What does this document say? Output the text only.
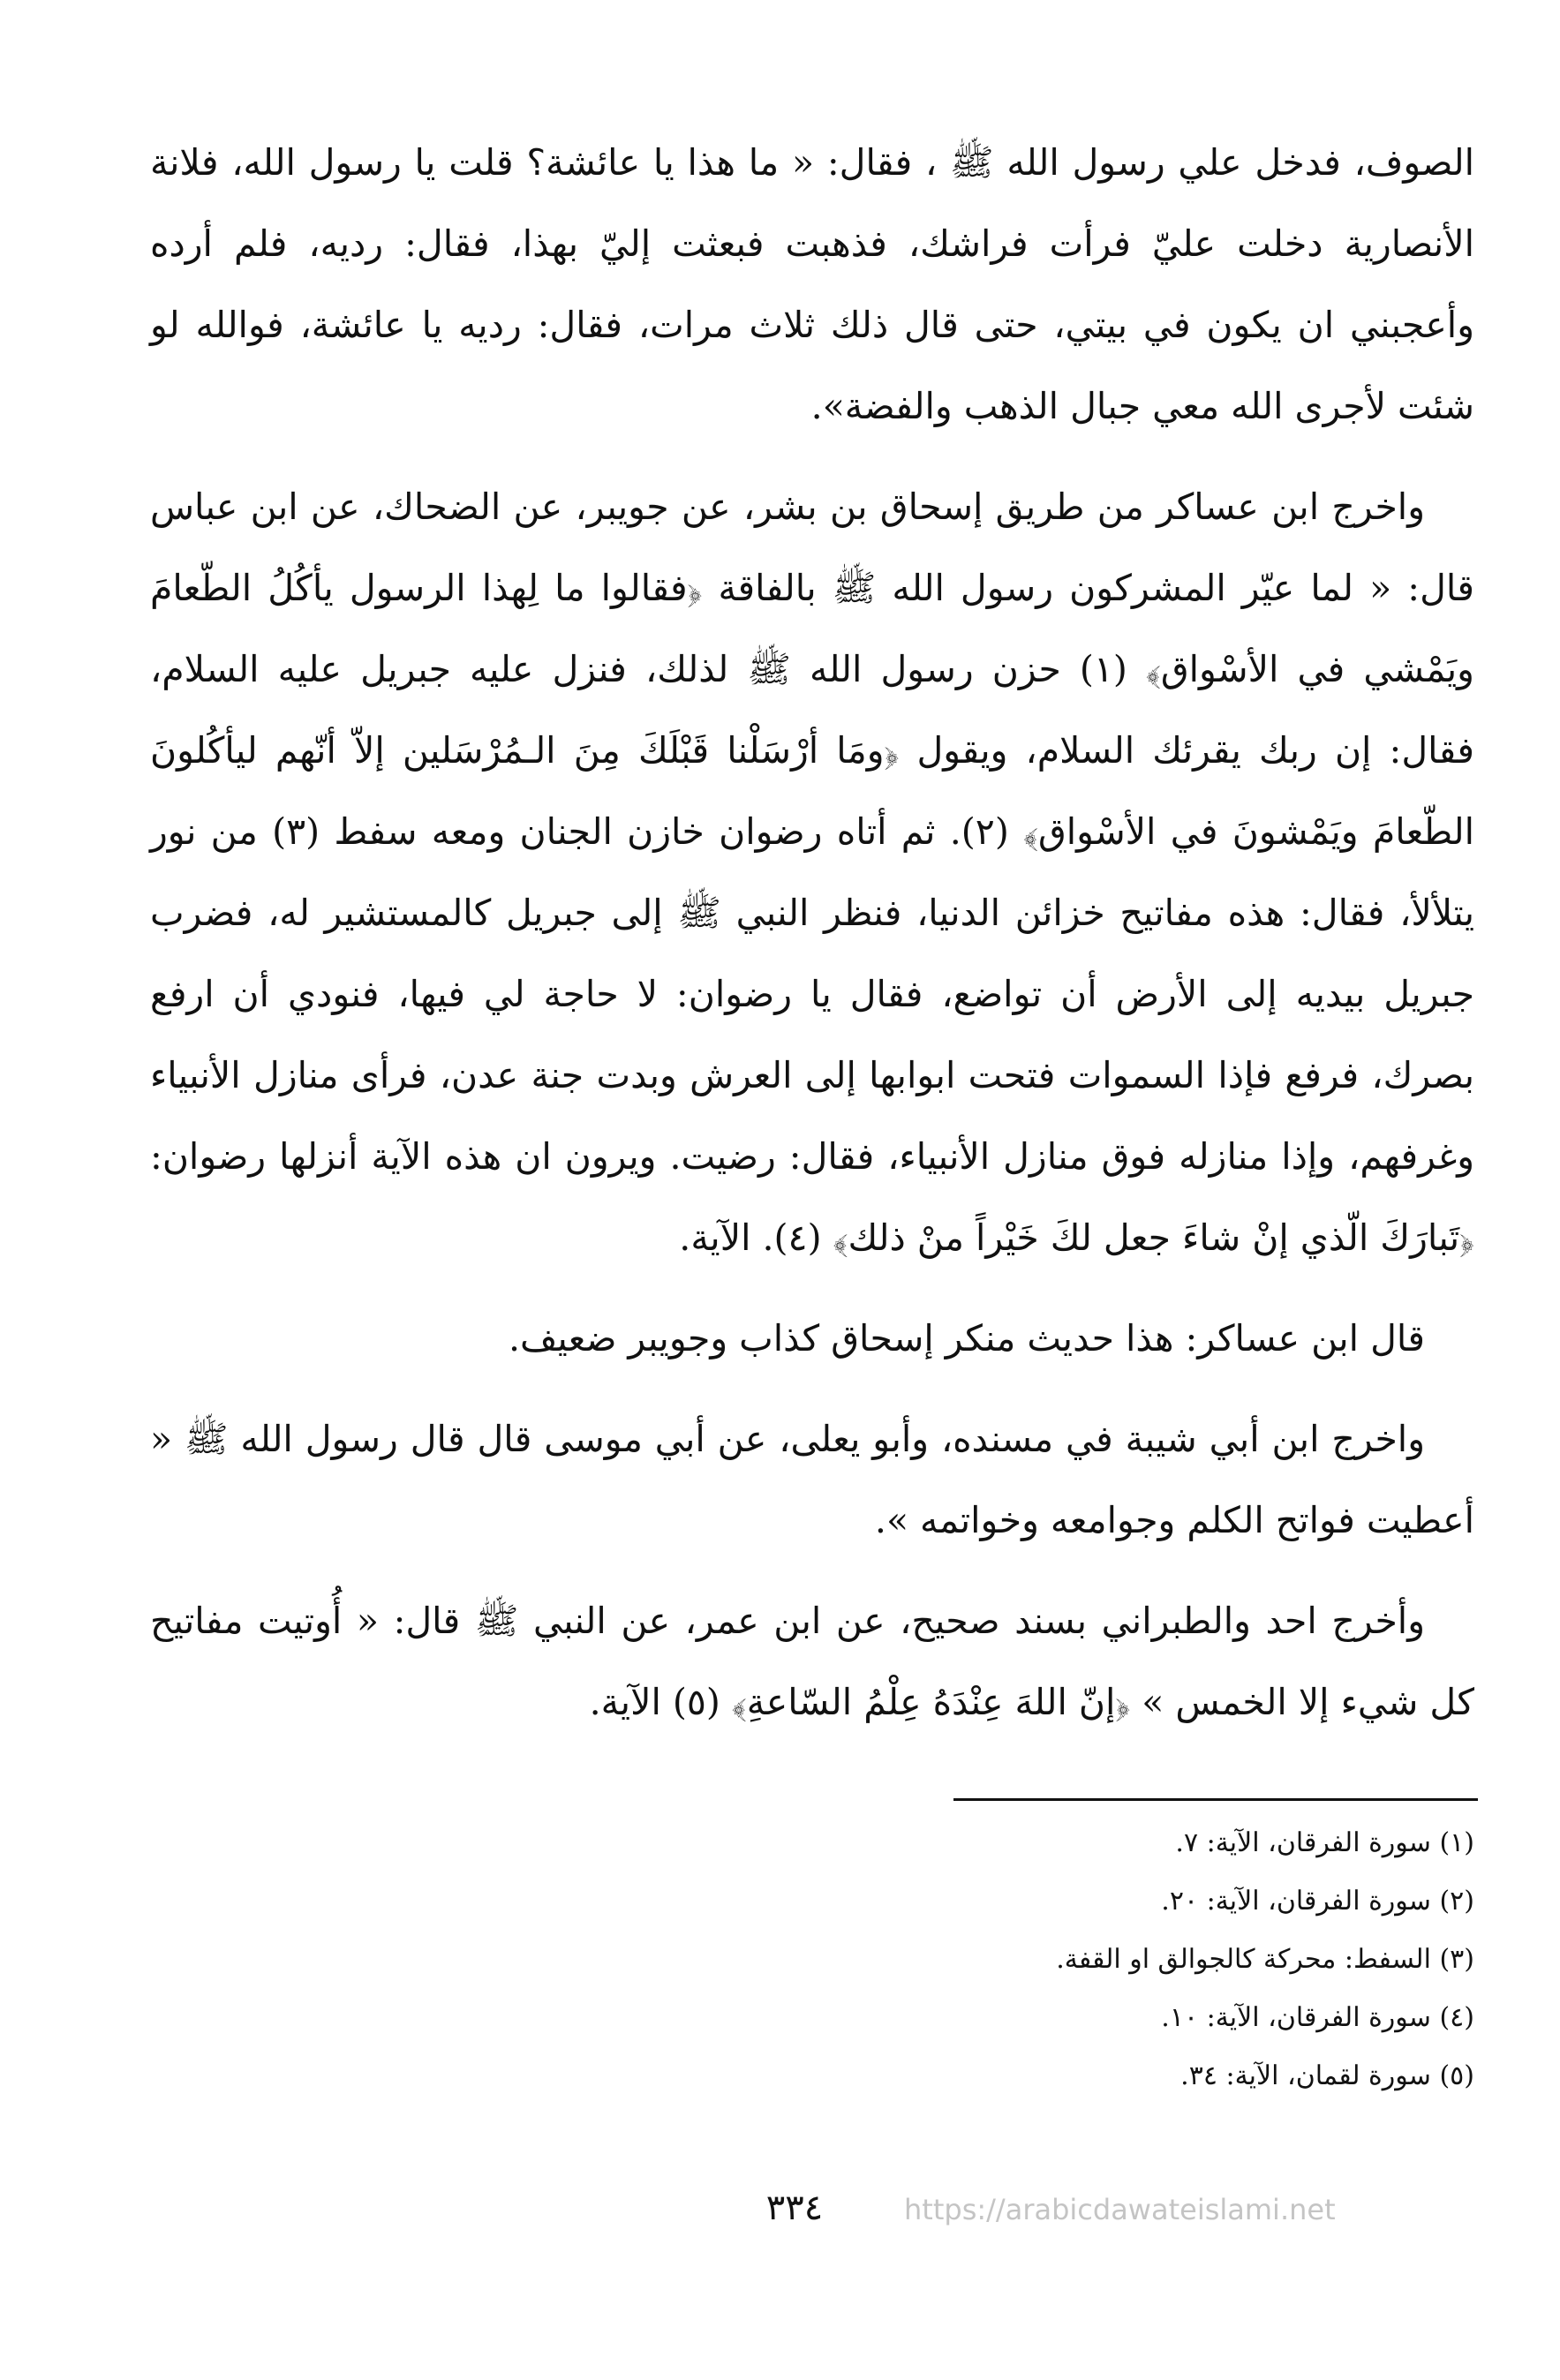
الصوف، فدخل علي رسول الله ﷺ ، فقال: « ما هذا يا عائشة؟ قلت يا رسول الله، فلانة الأنصارية دخلت عليّ فرأت فراشك، فذهبت فبعثت إليّ بهذا، فقال: رديه، فلم أرده وأعجبني ان يكون في بيتي، حتى قال ذلك ثلاث مرات، فقال: رديه يا عائشة، فوالله لو شئت لأجرى الله معي جبال الذهب والفضة».

واخرج ابن عساكر من طريق إسحاق بن بشر، عن جويبر، عن الضحاك، عن ابن عباس قال: « لما عيّر المشركون رسول الله ﷺ بالفاقة ﴿فقالوا ما لِهذا الرسول يأكُلُ الطّعامَ ويَمْشي في الأسْواق﴾ (١) حزن رسول الله ﷺ لذلك، فنزل عليه جبريل عليه السلام، فقال: إن ربك يقرئك السلام، ويقول ﴿ومَا أرْسَلْنا قَبْلَكَ مِنَ الـمُرْسَلين إلاّ أنّهم ليأكُلونَ الطّعامَ ويَمْشونَ في الأسْواق﴾ (٢). ثم أتاه رضوان خازن الجنان ومعه سفط (٣) من نور يتلألأ، فقال: هذه مفاتيح خزائن الدنيا، فنظر النبي ﷺ إلى جبريل كالمستشير له، فضرب جبريل بيديه إلى الأرض أن تواضع، فقال يا رضوان: لا حاجة لي فيها، فنودي أن ارفع بصرك، فرفع فإذا السموات فتحت ابوابها إلى العرش وبدت جنة عدن، فرأى منازل الأنبياء وغرفهم، وإذا منازله فوق منازل الأنبياء، فقال: رضيت. ويرون ان هذه الآية أنزلها رضوان: ﴿تَبارَكَ الّذي إنْ شاءَ جعل لكَ خَيْراً منْ ذلك﴾ (٤). الآية.

قال ابن عساكر: هذا حديث منكر إسحاق كذاب وجويبر ضعيف.

واخرج ابن أبي شيبة في مسنده، وأبو يعلى، عن أبي موسى قال قال رسول الله ﷺ « أعطيت فواتح الكلم وجوامعه وخواتمه ».

وأخرج احد والطبراني بسند صحيح، عن ابن عمر، عن النبي ﷺ قال: « أُوتيت مفاتيح كل شيء إلا الخمس » ﴿إنّ اللهَ عِنْدَهُ عِلْمُ السّاعةِ﴾ (٥) الآية.

(١) سورة الفرقان، الآية: ٧.
(٢) سورة الفرقان، الآية: ٢٠.
(٣) السفط: محركة كالجوالق او القفة.
(٤) سورة الفرقان، الآية: ١٠.
(٥) سورة لقمان، الآية: ٣٤.
٣٣٤	https://arabicdawateislami.net
